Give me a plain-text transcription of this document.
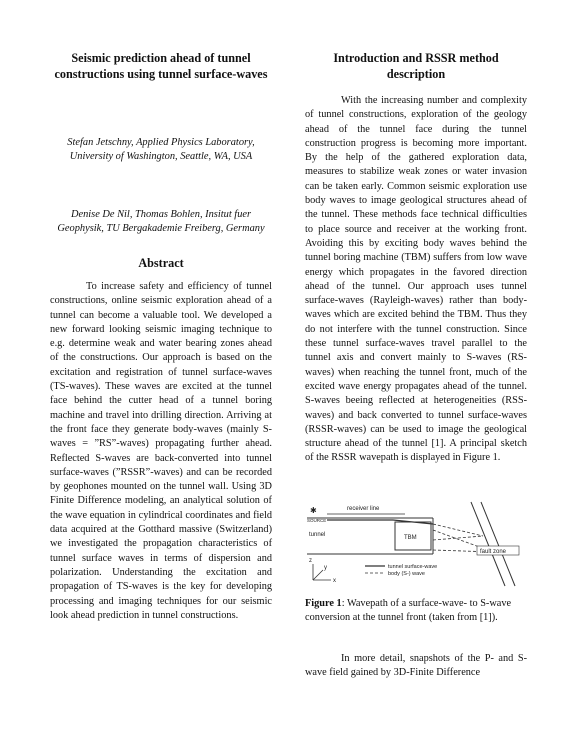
Seismic prediction ahead of tunnel constructions using tunnel surface-waves

Stefan Jetschny, Applied Physics Laboratory, University of Washington, Seattle, WA, USA

Denise De Nil, Thomas Bohlen, Insitut fuer Geophysik, TU Bergakademie Freiberg, Germany

Abstract

To increase safety and efficiency of tunnel constructions, online seismic exploration ahead of a tunnel can become a valuable tool. We developed a new forward looking seismic imaging technique to e.g. determine weak and water bearing zones ahead of the constructions. Our approach is based on the excitation and registration of tunnel surface-waves (TS-waves). These waves are excited at the tunnel face behind the cutter head of a tunnel boring machine and travel into drilling direction. Arriving at the front face they generate body-waves (mainly S-waves = ”RS”-waves) propagating further ahead. Reflected S-waves are back-converted into tunnel surface-waves (”RSSR”-waves) and can be recorded by geophones mounted on the tunnel wall. Using 3D Finite Difference modeling, an analytical solution of the wave equation in cylindrical coordinates and field data acquired at the Gotthard massive (Switzerland) we investigated the propagation characteristics of tunnel surface waves in terms of dispersion and polarization. Understanding the excitation and propagation of TS-waves is the key for developing processing and imaging techniques for our seismic look ahead prediction in tunnel constructions.

Introduction and RSSR method description

With the increasing number and complexity of tunnel constructions, exploration of the geology ahead of the tunnel face during the tunnel construction progress is becoming more important. By the help of the gathered exploration data, measures to stabilize weak zones or water invasion can be taken early. Common seismic exploration use body waves to image geological structures ahead of the tunnel. These methods face technical difficulties to place source and receiver at the working front. Avoiding this by exciting body waves behind the tunnel boring machine (TBM) suffers from low wave energy which propagates in the favored direction ahead of the tunnel. Our approach uses tunnel surface-waves (Rayleigh-waves) rather than body-waves which are excited behind the TBM. Thus they do not interfere with the tunnel construction. Since these tunnel surface-waves travel parallel to the tunnel axis and convert mainly to S-waves (RS-waves) when reaching the tunnel front, much of the excited wave energy propagates ahead of the tunnel. S-waves beeing reflected at heterogeneities (RSS-waves) and back converted to tunnel surface-waves (RSSR-waves) can be used to image the geological structure ahead of the tunnel [1]. A principal sketch of the RSSR wavepath is displayed in Figure 1.

TBM
receiver line
✱
SOURCE
tunnel
fault zone
tunnel surface-wave
body (S-) wave
x
z
y

Figure 1: Wavepath of a surface-wave- to S-wave conversion at the tunnel front (taken from [1]).

In more detail, snapshots of the P- and S-wave field gained by 3D-Finite Difference
